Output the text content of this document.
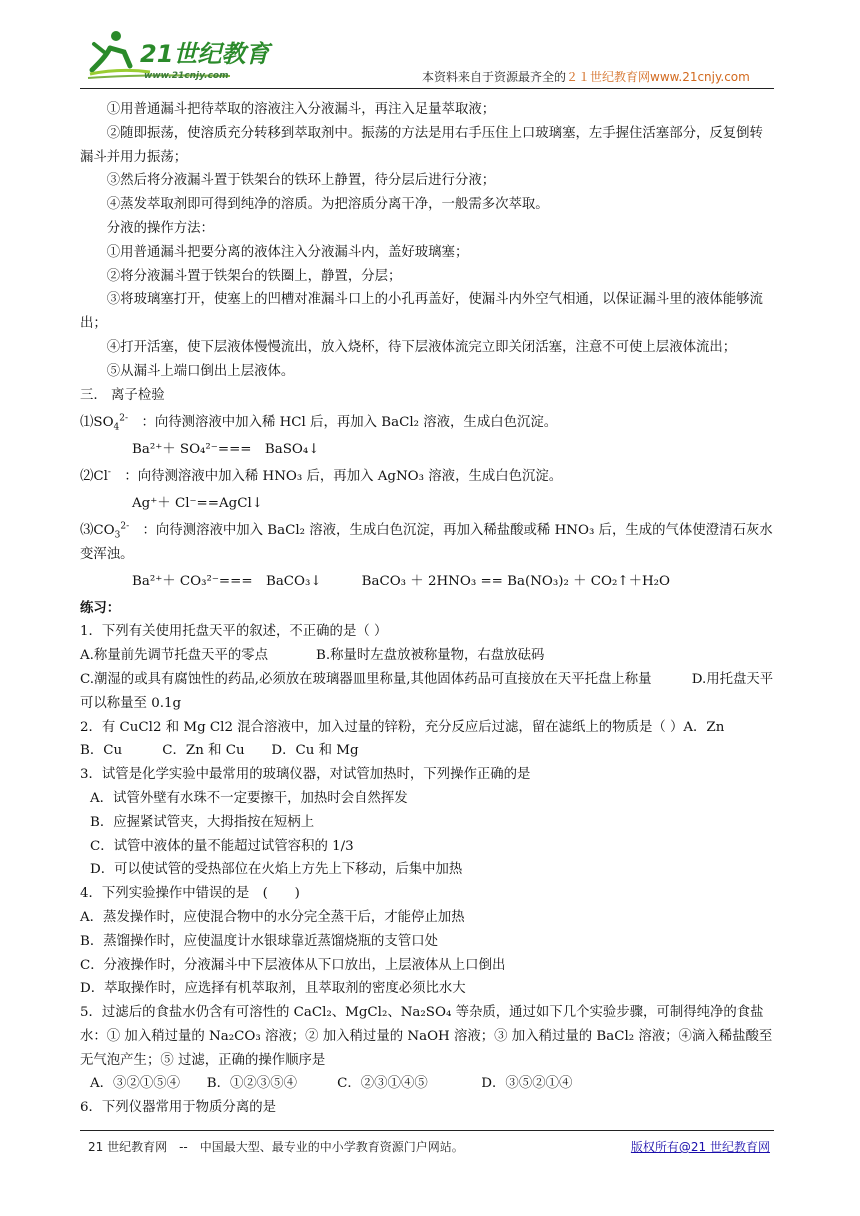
21世纪教育
www.21cnjy.com	本资料来自于资源最齐全的２１世纪教育网www.21cnjy.com

①用普通漏斗把待萃取的溶液注入分液漏斗，再注入足量萃取液；

②随即振荡，使溶质充分转移到萃取剂中。振荡的方法是用右手压住上口玻璃塞，左手握住活塞部分，反复倒转漏斗并用力振荡；

③然后将分液漏斗置于铁架台的铁环上静置，待分层后进行分液；

④蒸发萃取剂即可得到纯净的溶质。为把溶质分离干净，一般需多次萃取。

分液的操作方法：

①用普通漏斗把要分离的液体注入分液漏斗内，盖好玻璃塞；

②将分液漏斗置于铁架台的铁圈上，静置，分层；

③将玻璃塞打开，使塞上的凹槽对准漏斗口上的小孔再盖好，使漏斗内外空气相通，以保证漏斗里的液体能够流出；

④打开活塞，使下层液体慢慢流出，放入烧杯，待下层液体流完立即关闭活塞，注意不可使上层液体流出；

⑤从漏斗上端口倒出上层液体。

三.　离子检验

$⑴SO_4^{2-}$　 ：向待测溶液中加入稀 HCl 后，再加入 BaCl₂ 溶液，生成白色沉淀。

Ba²⁺＋ SO₄²⁻===　BaSO₄↓

⑵Cl-　 ：向待测溶液中加入稀 HNO₃ 后，再加入 AgNO₃ 溶液，生成白色沉淀。

Ag⁺＋ Cl⁻==AgCl↓

$⑶CO_3^{2-}$　 ：向待测溶液中加入 BaCl₂ 溶液，生成白色沉淀，再加入稀盐酸或稀 HNO₃ 后，生成的气体使澄清石灰水变浑浊。

Ba²⁺＋ CO₃²⁻===　BaCO₃↓	BaCO₃ ＋ 2HNO₃ == Ba(NO₃)₂ ＋ CO₂↑＋H₂O

练习：

1．下列有关使用托盘天平的叙述，不正确的是（ ）

A.称量前先调节托盘天平的零点	B.称量时左盘放被称量物，右盘放砝码

C.潮湿的或具有腐蚀性的药品,必须放在玻璃器皿里称量,其他固体药品可直接放在天平托盘上称量　　　	D.用托盘天平可以称量至 0.1g

2．有 CuCl2 和 Mg Cl2 混合溶液中，加入过量的锌粉，充分反应后过滤，留在滤纸上的物质是（ ）A．Zn

B．Cu　　　C．Zn 和 Cu　　D．Cu 和 Mg

3．试管是化学实验中最常用的玻璃仪器，对试管加热时，下列操作正确的是

A．试管外壁有水珠不一定要擦干，加热时会自然挥发

B．应握紧试管夹，大拇指按在短柄上

C．试管中液体的量不能超过试管容积的 1/3

D．可以使试管的受热部位在火焰上方先上下移动，后集中加热

4．下列实验操作中错误的是　(　　)

A．蒸发操作时，应使混合物中的水分完全蒸干后，才能停止加热

B．蒸馏操作时，应使温度计水银球靠近蒸馏烧瓶的支管口处

C．分液操作时，分液漏斗中下层液体从下口放出，上层液体从上口倒出

D．萃取操作时，应选择有机萃取剂，且萃取剂的密度必须比水大

5．过滤后的食盐水仍含有可溶性的 CaCl₂、MgCl₂、Na₂SO₄ 等杂质，通过如下几个实验步骤，可制得纯净的食盐水：① 加入稍过量的 Na₂CO₃ 溶液；② 加入稍过量的 NaOH 溶液；③ 加入稍过量的 BaCl₂ 溶液；④滴入稀盐酸至无气泡产生；⑤ 过滤，正确的操作顺序是

A．③②①⑤④　　B．①②③⑤④　　　C．②③①④⑤　　　　D．③⑤②①④

6．下列仪器常用于物质分离的是

21 世纪教育网　--　中国最大型、最专业的中小学教育资源门户网站。	版权所有@21 世纪教育网
